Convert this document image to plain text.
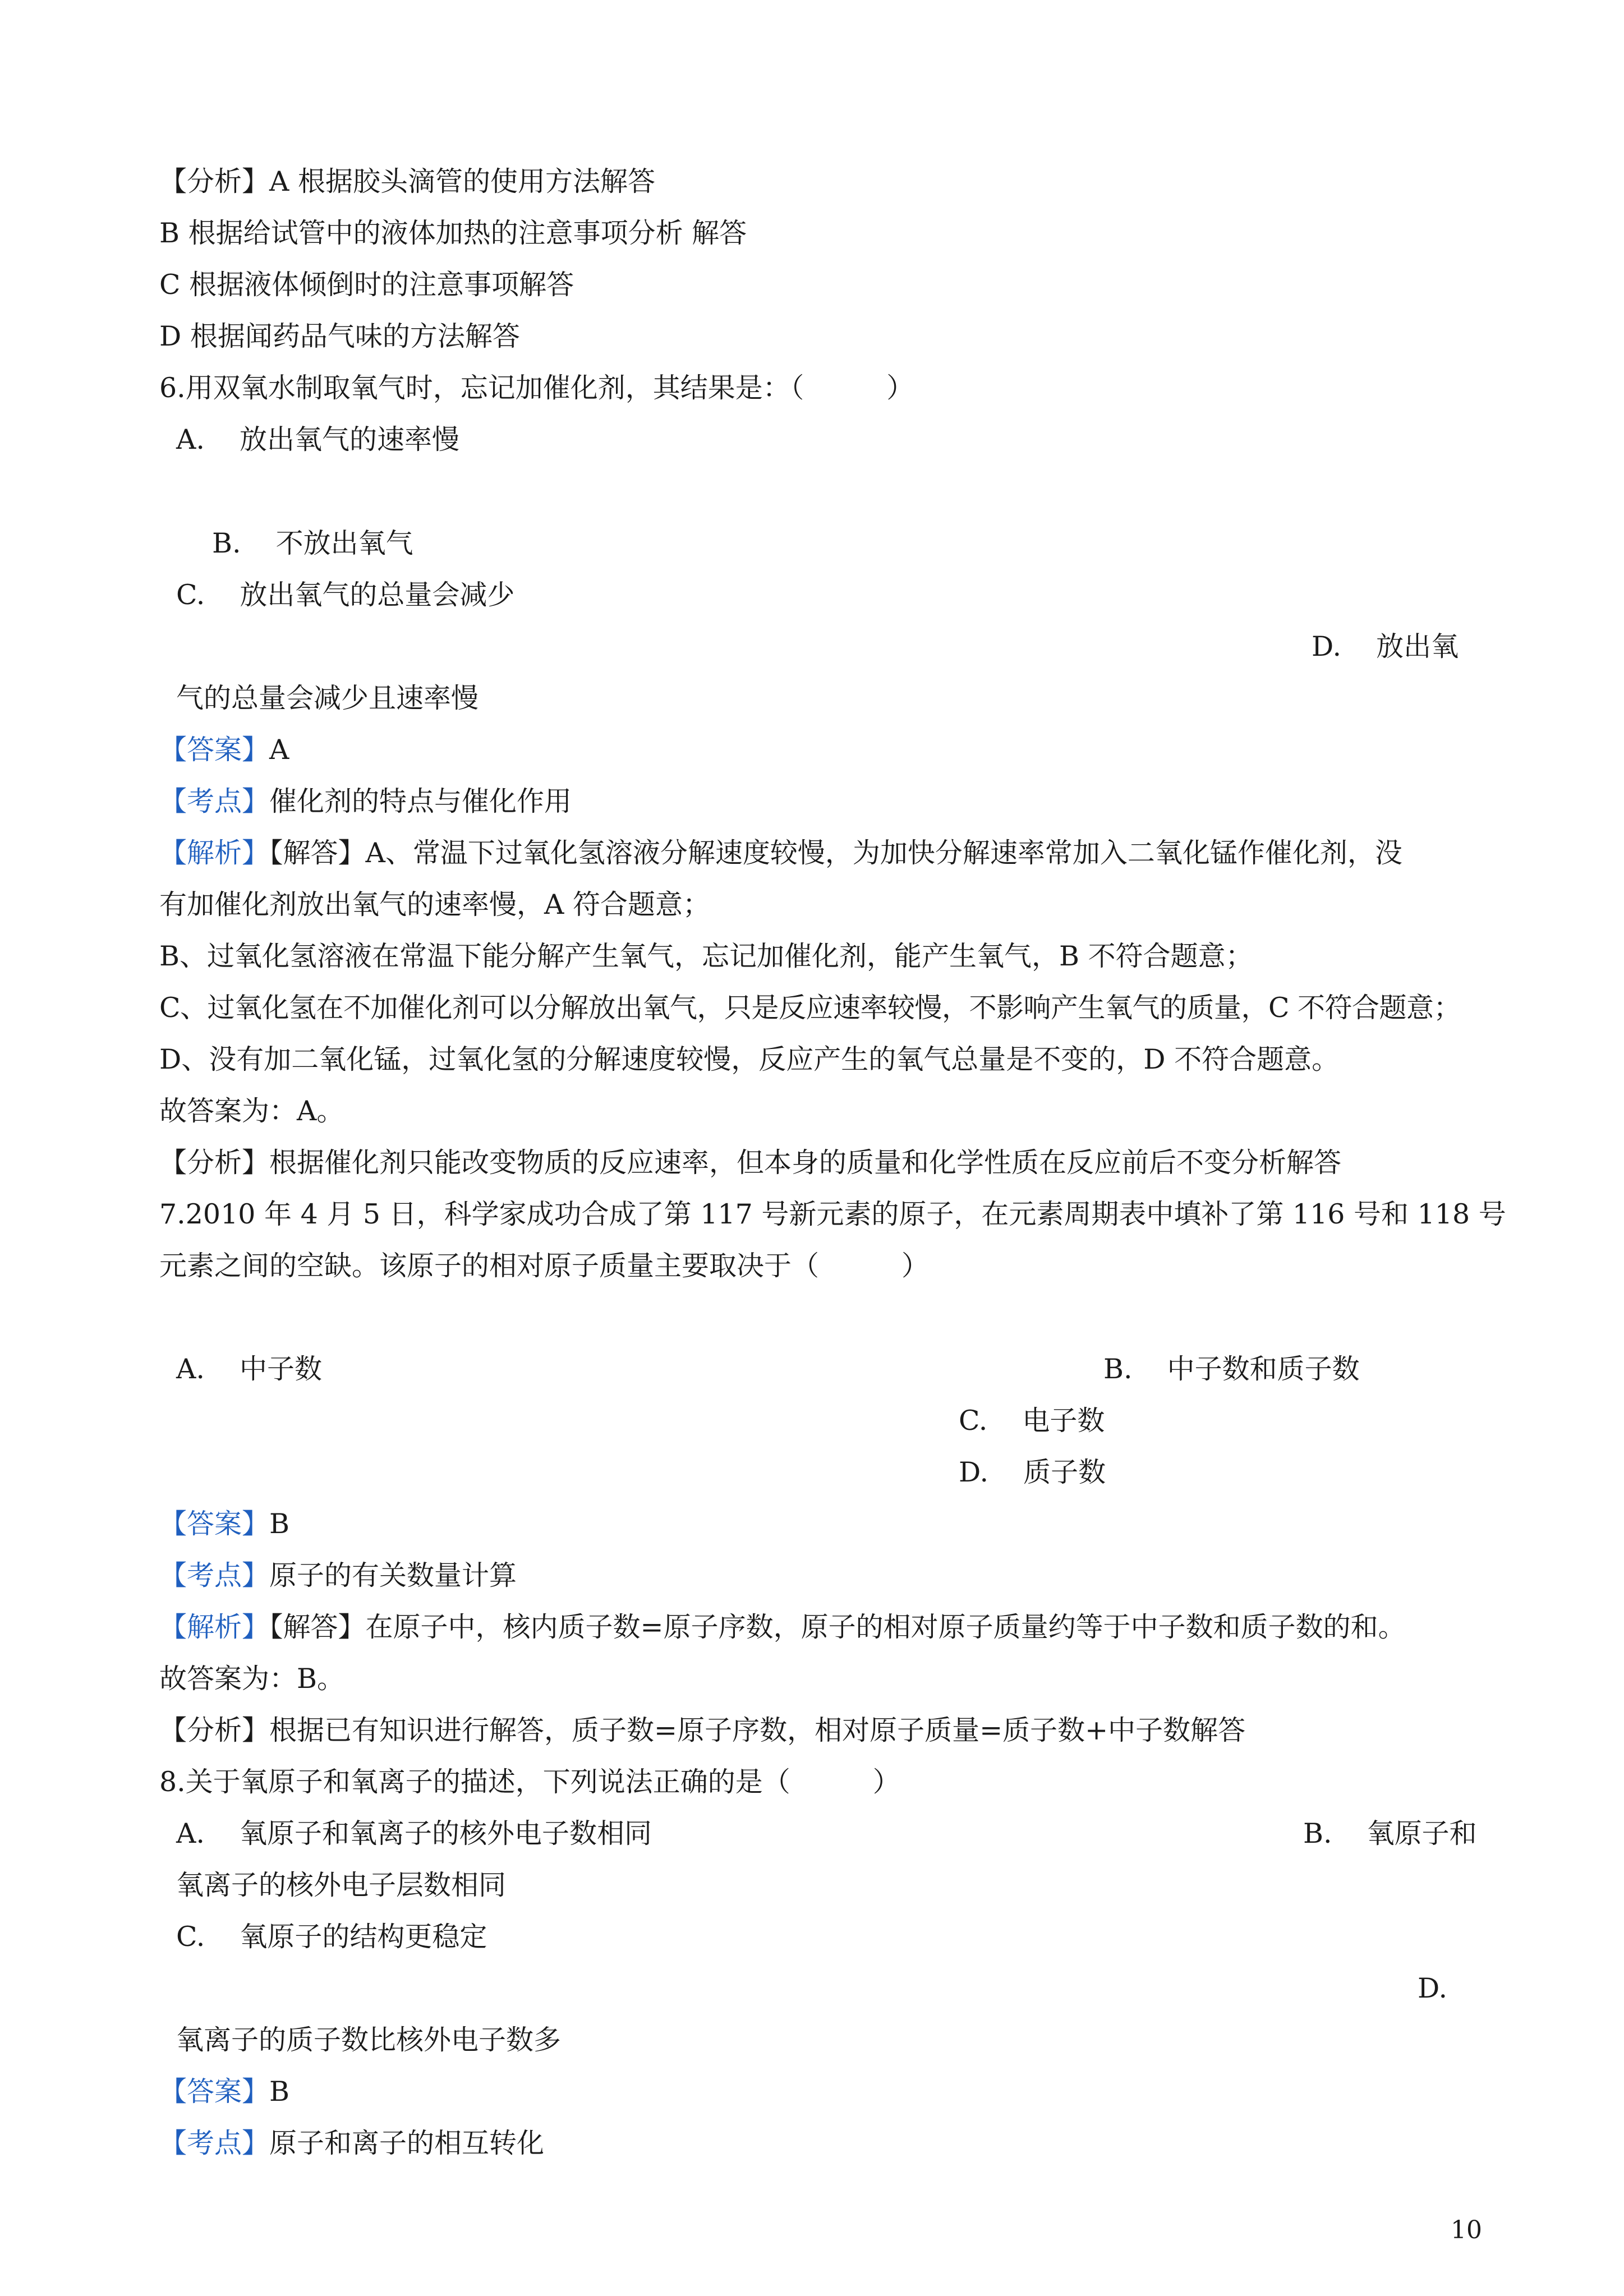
【分析】A 根据胶头滴管的使用方法解答
B 根据给试管中的液体加热的注意事项分析 解答
C 根据液体倾倒时的注意事项解答
D 根据闻药品气味的方法解答
6.用双氧水制取氧气时，忘记加催化剂，其结果是：（　　　）
A. 放出氧气的速率慢
B. 不放出氧气
C. 放出氧气的总量会减少
D. 放出氧
气的总量会减少且速率慢
【答案】A
【考点】催化剂的特点与催化作用
【解析】【解答】A、常温下过氧化氢溶液分解速度较慢，为加快分解速率常加入二氧化锰作催化剂，没
有加催化剂放出氧气的速率慢，A 符合题意；
B、过氧化氢溶液在常温下能分解产生氧气，忘记加催化剂，能产生氧气，B 不符合题意；
C、过氧化氢在不加催化剂可以分解放出氧气，只是反应速率较慢，不影响产生氧气的质量，C 不符合题意；
D、没有加二氧化锰，过氧化氢的分解速度较慢，反应产生的氧气总量是不变的，D 不符合题意。
故答案为：A。
【分析】根据催化剂只能改变物质的反应速率，但本身的质量和化学性质在反应前后不变分析解答
7.2010 年 4 月 5 日，科学家成功合成了第 117 号新元素的原子，在元素周期表中填补了第 116 号和 118 号
元素之间的空缺。该原子的相对原子质量主要取决于（　　　）
A. 中子数	B. 中子数和质子数
C. 电子数
D. 质子数
【答案】B
【考点】原子的有关数量计算
【解析】【解答】在原子中，核内质子数=原子序数，原子的相对原子质量约等于中子数和质子数的和。
故答案为：B。
【分析】根据已有知识进行解答，质子数=原子序数，相对原子质量=质子数+中子数解答
8.关于氧原子和氧离子的描述，下列说法正确的是（　　　）
A. 氧原子和氧离子的核外电子数相同	B. 氧原子和
氧离子的核外电子层数相同
C. 氧原子的结构更稳定
D.
氧离子的质子数比核外电子数多
【答案】B
【考点】原子和离子的相互转化
10
